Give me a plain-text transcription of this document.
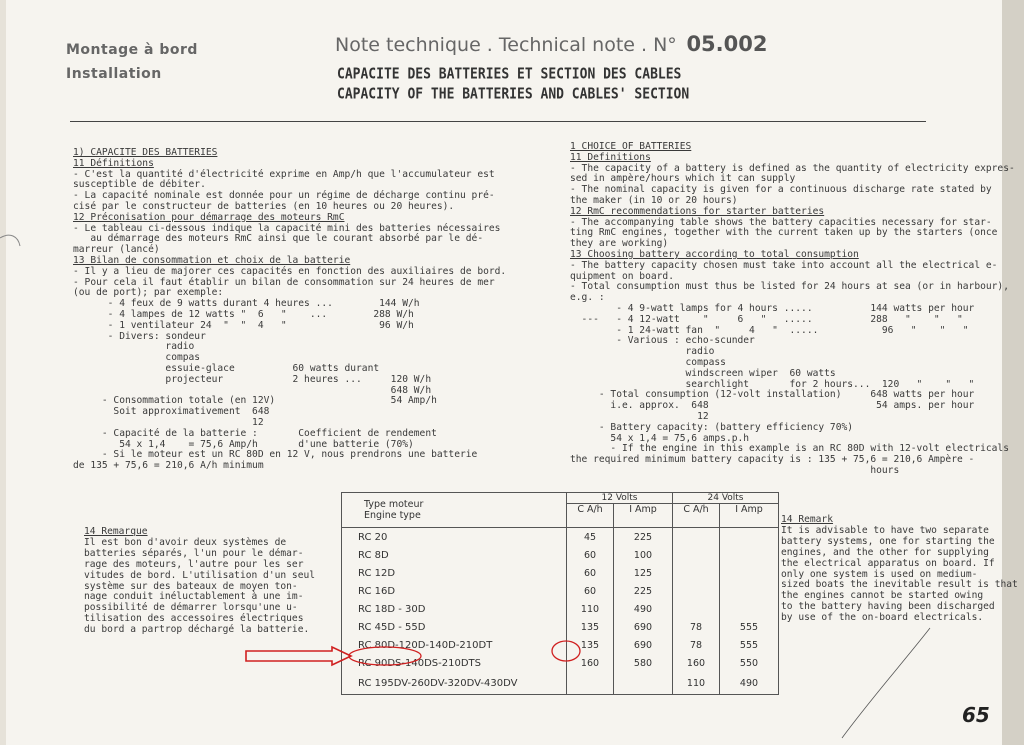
Montage à bord
Installation
Note technique . Technical note . N° 05.002
CAPACITE DES BATTERIES ET SECTION DES CABLES
CAPACITY OF THE BATTERIES AND CABLES' SECTION
1) CAPACITE DES BATTERIES
11 Définitions
- C'est la quantité d'électricité exprime en Amp/h que l'accumulateur est
susceptible de débiter.
- La capacité nominale est donnée pour un régime de décharge continu pré-
cisé par le constructeur de batteries (en 10 heures ou 20 heures).
12 Préconisation pour démarrage des moteurs RmC
- Le tableau ci-dessous indique la capacité mini des batteries nécessaires
au démarrage des moteurs RmC ainsi que le courant absorbé par le dé-
marreur (lancé)
13 Bilan de consommation et choix de la batterie
- Il y a lieu de majorer ces capacités en fonction des auxiliaires de bord.
- Pour cela il faut établir un bilan de consommation sur 24 heures de mer
(ou de port); par exemple:
- 4 feux de 9 watts durant 4 heures ...        144 W/h
- 4 lampes de 12 watts "  6   "    ...        288 W/h
- 1 ventilateur 24  "  "  4   "                96 W/h
- Divers: sondeur
radio
compas
essuie-glace          60 watts durant
projecteur            2 heures ...     120 W/h
648 W/h
- Consommation totale (en 12V)                    54 Amp/h
Soit approximativement  648
12
- Capacité de la batterie :       Coefficient de rendement
54 x 1,4    = 75,6 Amp/h       d'une batterie (70%)
- Si le moteur est un RC 80D en 12 V, nous prendrons une batterie
de 135 + 75,6 = 210,6 A/h minimum
1 CHOICE OF BATTERIES
11 Definitions
- The capacity of a battery is defined as the quantity of electricity expres-
sed in ampère/hours which it can supply
- The nominal capacity is given for a continuous discharge rate stated by
the maker (in 10 or 20 hours)
12 RmC recommendations for starter batteries
- The accompanying table shows the battery capacities necessary for star-
ting RmC engines, together with the current taken up by the starters (once
they are working)
13 Choosing battery according to total consumption
- The battery capacity chosen must take into account all the electrical e-
quipment on board.
- Total consumption must thus be listed for 24 hours at sea (or in harbour),
e.g. :
- 4 9-watt lamps for 4 hours .....          144 watts per hour
---   - 4 12-watt    "     6   "   .....          288   "    "   "
- 1 24-watt fan  "     4   "  .....           96   "    "   "
- Various : echo-scunder
radio
compass
windscreen wiper  60 watts
searchlight       for 2 hours...  120   "    "   "
- Total consumption (12-volt installation)     648 watts per hour
i.e. approx.  648                             54 amps. per hour
12
- Battery capacity: (battery efficiency 70%)
54 x 1,4 = 75,6 amps.p.h
- If the engine in this example is an RC 80D with 12-volt electricals
the required minimum battery capacity is : 135 + 75,6 = 210,6 Ampère -
hours
14 Remarque
Il est bon d'avoir deux systèmes de
batteries séparés, l'un pour le démar-
rage des moteurs, l'autre pour les ser
vitudes de bord. L'utilisation d'un seul
système sur des bateaux de moyen ton-
nage conduit inéluctablement à une im-
possibilité de démarrer lorsqu'une u-
tilisation des accessoires électriques
du bord a partrop déchargé la batterie.
14 Remark
It is advisable to have two separate
battery systems, one for starting the
engines, and the other for supplying
the electrical apparatus on board. If
only one system is used on medium-
sized boats the inevitable result is that
the engines cannot be started owing
to the battery having been discharged
by use of the on-board electricals.
Type moteur
Engine type	12 Volts		24 Volts	
	C A/h	I Amp	C A/h	I Amp
RC 20	45	225		
RC 8D	60	100		
RC 12D	60	125		
RC 16D	60	225		
RC 18D - 30D	110	490		
RC 45D - 55D	135	690	78	555
RC 80D-120D-140D-210DT	135	690	78	555
RC 90DS-140DS-210DTS	160	580	160	550
RC 195DV-260DV-320DV-430DV			110	490
65
